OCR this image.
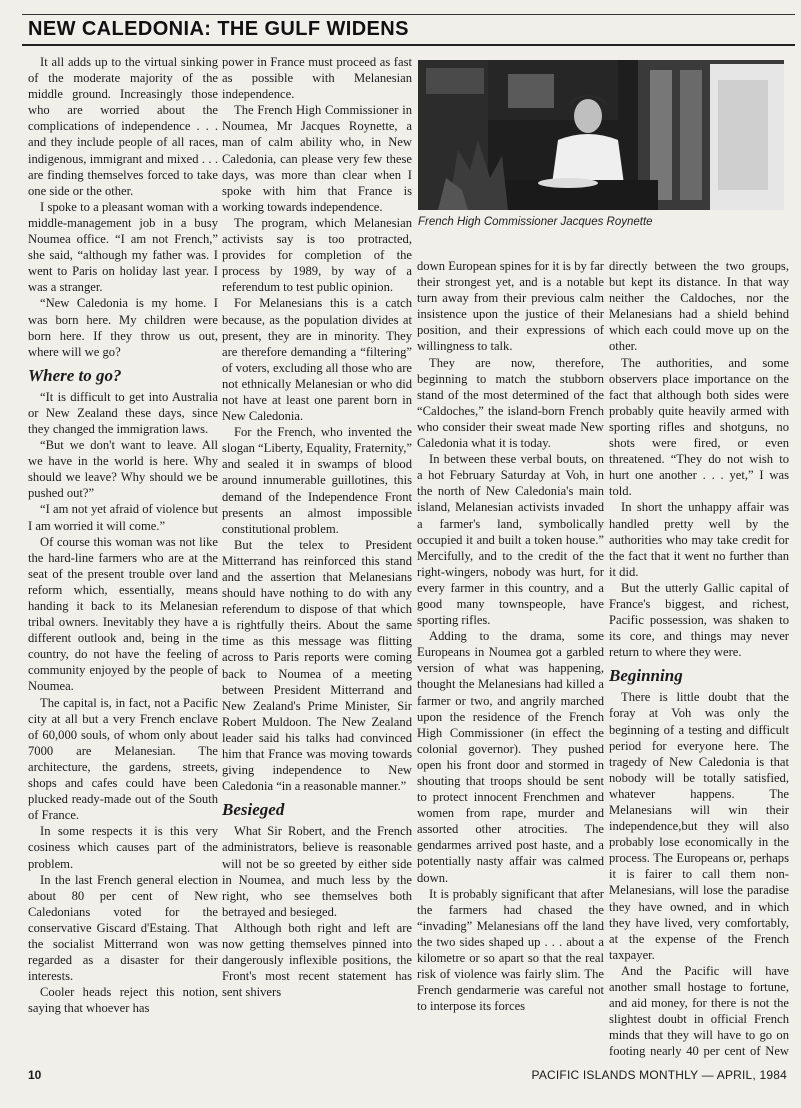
NEW CALEDONIA: THE GULF WIDENS

It all adds up to the virtual sinking of the moderate majority of the middle ground. Increasingly those who are worried about the complications of independence . . . and they include people of all races, indigenous, immigrant and mixed . . . are finding themselves forced to take one side or the other.

I spoke to a pleasant woman with a middle-management job in a busy Noumea office. “I am not French,” she said, “although my father was. I went to Paris on holiday last year. I was a stranger.

“New Caledonia is my home. I was born here. My children were born here. If they throw us out, where will we go?

Where to go?

“It is difficult to get into Australia or New Zealand these days, since they changed the immigration laws.

“But we don't want to leave. All we have in the world is here. Why should we leave? Why should we be pushed out?”

“I am not yet afraid of violence but I am worried it will come.”

Of course this woman was not like the hard-line farmers who are at the seat of the present trouble over land reform which, essentially, means handing it back to its Melanesian tribal owners. Inevitably they have a different outlook and, being in the country, do not have the feeling of community enjoyed by the people of Noumea.

The capital is, in fact, not a Pacific city at all but a very French enclave of 60,000 souls, of whom only about 7000 are Melanesian. The architecture, the gardens, streets, shops and cafes could have been plucked ready-made out of the South of France.

In some respects it is this very cosiness which causes part of the problem.

In the last French general election about 80 per cent of New Caledonians voted for the conservative Giscard d'Estaing. That the socialist Mitterrand won was regarded as a disaster for their interests.

Cooler heads reject this notion, saying that whoever has

power in France must proceed as fast as possible with Melanesian independence.

The French High Commissioner in Noumea, Mr Jacques Roynette, a man of calm ability who, in New Caledonia, can please very few these days, was more than clear when I spoke with him that France is working towards independence.

The program, which Melanesian activists say is too protracted, provides for completion of the process by 1989, by way of a referendum to test public opinion.

For Melanesians this is a catch because, as the population divides at present, they are in minority. They are therefore demanding a “filtering” of voters, excluding all those who are not ethnically Melanesian or who did not have at least one parent born in New Caledonia.

For the French, who invented the slogan “Liberty, Equality, Fraternity,” and sealed it in swamps of blood around innumerable guillotines, this demand of the Independence Front presents an almost impossible constitutional problem.

But the telex to President Mitterrand has reinforced this stand and the assertion that Melanesians should have nothing to do with any referendum to dispose of that which is rightfully theirs. About the same time as this message was flitting across to Paris reports were coming back to Noumea of a meeting between President Mitterrand and New Zealand's Prime Minister, Sir Robert Muldoon. The New Zealand leader said his talks had convinced him that France was moving towards giving independence to New Caledonia “in a reasonable manner.”

Besieged

What Sir Robert, and the French administrators, believe is reasonable will not be so greeted by either side in Noumea, and much less by the right, who see themselves both betrayed and besieged.

Although both right and left are now getting themselves pinned into dangerously inflexible positions, the Front's most recent statement has sent shivers

French High Commissioner Jacques Roynette

down European spines for it is by far their strongest yet, and is a notable turn away from their previous calm insistence upon the justice of their position, and their expressions of willingness to talk.

They are now, therefore, beginning to match the stubborn stand of the most determined of the “Caldoches,” the island-born French who consider their sweat made New Caledonia what it is today.

In between these verbal bouts, on a hot February Saturday at Voh, in the north of New Caledonia's main island, Melanesian activists invaded a farmer's land, symbolically occupied it and built a token house.” Mercifully, and to the credit of the right-wingers, nobody was hurt, for every farmer in this country, and a good many townspeople, have sporting rifles.

Adding to the drama, some Europeans in Noumea got a garbled version of what was happening, thought the Melanesians had killed a farmer or two, and angrily marched upon the residence of the French High Commissioner (in effect the colonial governor). They pushed open his front door and stormed in shouting that troops should be sent to protect innocent Frenchmen and women from rape, murder and assorted other atrocities. The gendarmes arrived post haste, and a potentially nasty affair was calmed down.

It is probably significant that after the farmers had chased the “invading” Melanesians off the land the two sides shaped up . . . about a kilometre or so apart so that the real risk of violence was fairly slim. The French gendarmerie was careful not to interpose its forces

directly between the two groups, but kept its distance. In that way neither the Caldoches, nor the Melanesians had a shield behind which each could move up on the other.

The authorities, and some observers place importance on the fact that although both sides were probably quite heavily armed with sporting rifles and shotguns, no shots were fired, or even threatened. “They do not wish to hurt one another . . . yet,” I was told.

In short the unhappy affair was handled pretty well by the authorities who may take credit for the fact that it went no further than it did.

But the utterly Gallic capital of France's biggest, and richest, Pacific possession, was shaken to its core, and things may never return to where they were.

Beginning

There is little doubt that the foray at Voh was only the beginning of a testing and difficult period for everyone here. The tragedy of New Caledonia is that nobody will be totally satisfied, whatever happens. The Melanesians will win their independence,but they will also probably lose economically in the process. The Europeans or, perhaps it is fairer to call them non-Melanesians, will lose the paradise they have owned, and in which they have lived, very comfortably, at the expense of the French taxpayer.

And the Pacific will have another small hostage to fortune, and aid money, for there is not the slightest doubt in official French minds that they will have to go on footing nearly 40 per cent of New

10	PACIFIC ISLANDS MONTHLY — APRIL, 1984
